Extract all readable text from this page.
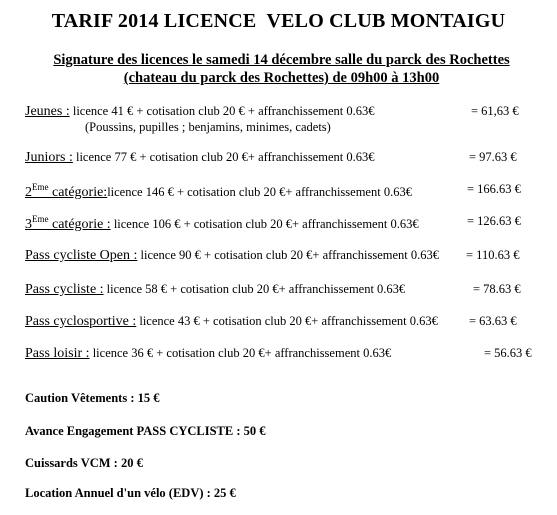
TARIF 2014 LICENCE  VELO CLUB MONTAIGU
Signature des licences le samedi 14 décembre salle du parck des Rochettes
(chateau du parck des Rochettes) de 09h00 à 13h00
Jeunes : licence 41 € + cotisation club 20 € + affranchissement 0.63€	= 61,63 €
(Poussins, pupilles ; benjamins, minimes, cadets)
Juniors : licence 77 € + cotisation club 20 €+ affranchissement 0.63€	= 97.63 €
2Eme catégorie:licence 146 € + cotisation club 20 €+ affranchissement 0.63€	= 166.63 €
3Eme catégorie : licence 106 € + cotisation club 20 €+ affranchissement 0.63€	= 126.63 €
Pass cycliste Open : licence 90 € + cotisation club 20 €+ affranchissement 0.63€ = 110.63 €
Pass cycliste : licence 58 € + cotisation club 20 €+ affranchissement 0.63€	= 78.63 €
Pass cyclosportive : licence 43 € + cotisation club 20 €+ affranchissement 0.63€ = 63.63 €
Pass loisir : licence 36 € + cotisation club 20 €+ affranchissement 0.63€	= 56.63 €
Caution Vêtements : 15 €
Avance Engagement PASS CYCLISTE : 50 €
Cuissards VCM : 20 €
Location Annuel d'un vélo (EDV) : 25 €
